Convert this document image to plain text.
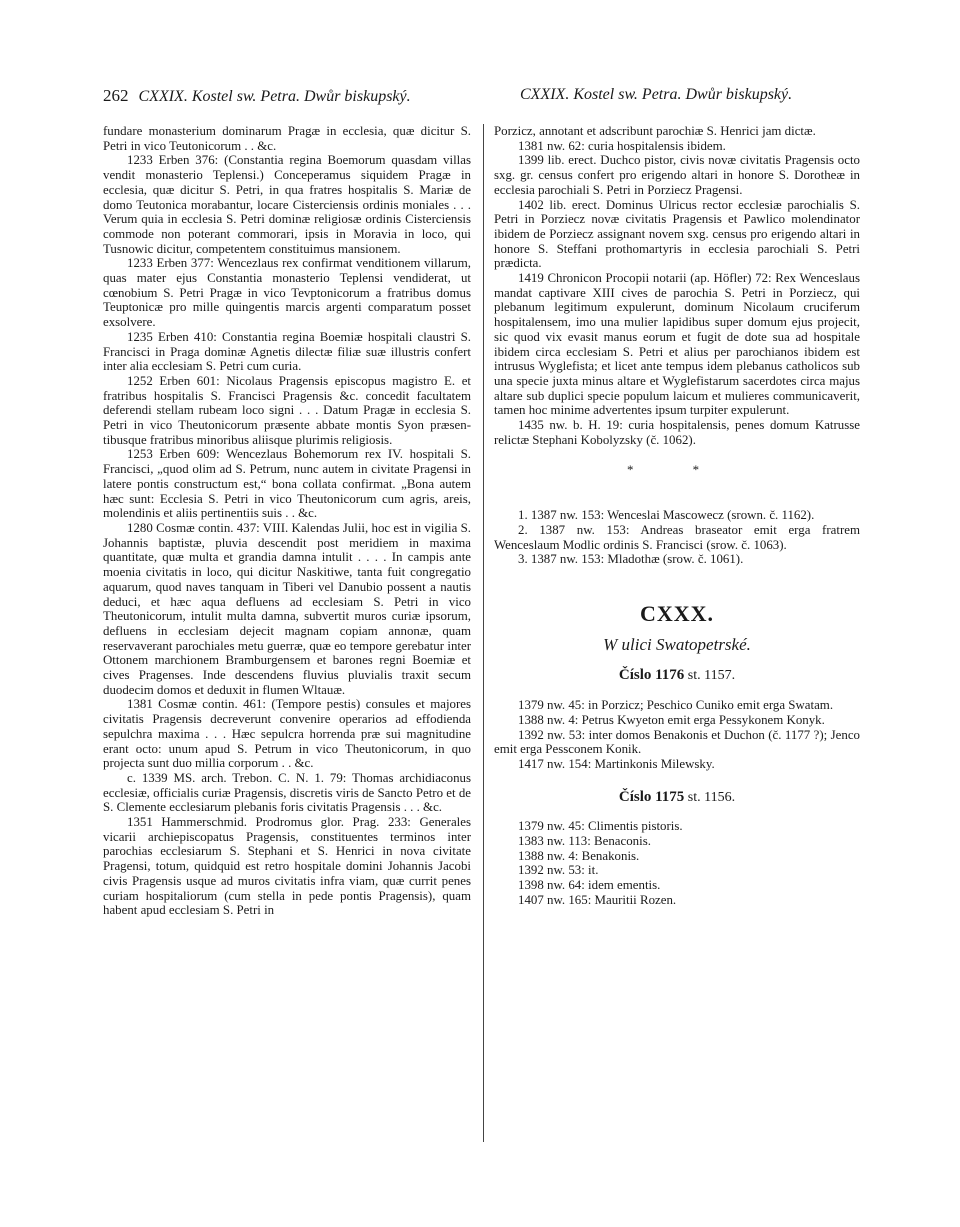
262 CXXIX. Kostel sw. Petra. Dwůr biskupský.	CXXIX. Kostel sw. Petra. Dwůr biskupský.

fundare monasterium dominarum Pragæ in ecclesia, quæ dicitur S. Petri in vico Teutonicorum . . &c.

1233 Erben 376: (Constantia regina Boemorum quasdam villas vendit monasterio Teplensi.) Conceperamus siquidem Pragæ in ecclesia, quæ dicitur S. Petri, in qua fratres hospitalis S. Mariæ de domo Teutonica morabantur, locare Cisterciensis ordinis moniales . . . Verum quia in ecclesia S. Petri dominæ religiosæ ordinis Cisterciensis commode non poterant commorari, ipsis in Moravia in loco, qui Tusnowic dicitur, competentem constituimus mansionem.

1233 Erben 377: Wencezlaus rex confirmat venditionem villarum, quas mater ejus Constantia monasterio Teplensi vendiderat, ut cœnobium S. Petri Pragæ in vico Tevptonicorum a fratribus domus Teuptonicæ pro mille quingentis marcis argenti comparatum posset exsolvere.

1235 Erben 410: Constantia regina Boemiæ hospitali claustri S. Francisci in Praga dominæ Agnetis dilectæ filiæ suæ illustris confert inter alia ecclesiam S. Petri cum curia.

1252 Erben 601: Nicolaus Pragensis episcopus magistro E. et fratribus hospitalis S. Francisci Pragensis &c. concedit facultatem deferendi stellam rubeam loco signi . . . Datum Pragæ in ecclesia S. Petri in vico Theutonicorum præsente abbate montis Syon præsentibusque fratribus minoribus aliisque plurimis religiosis.

1253 Erben 609: Wencezlaus Bohemorum rex IV. hospitali S. Francisci, „quod olim ad S. Petrum, nunc autem in civitate Pragensi in latere pontis constructum est,“ bona collata confirmat. „Bona autem hæc sunt: Ecclesia S. Petri in vico Theutonicorum cum agris, areis, molendinis et aliis pertinentiis suis . . &c.

1280 Cosmæ contin. 437: VIII. Kalendas Julii, hoc est in vigilia S. Johannis baptistæ, pluvia descendit post meridiem in maxima quantitate, quæ multa et grandia damna intulit . . . . In campis ante moenia civitatis in loco, qui dicitur Naskitiwe, tanta fuit congregatio aquarum, quod naves tanquam in Tiberi vel Danubio possent a nautis deduci, et hæc aqua defluens ad ecclesiam S. Petri in vico Theutonicorum, intulit multa damna, subvertit muros curiæ ipsorum, defluens in ecclesiam dejecit magnam copiam annonæ, quam reservaverant parochiales metu guerræ, quæ eo tempore gerebatur inter Ottonem marchionem Bramburgensem et barones regni Boemiæ et cives Pragenses. Inde descendens fluvius pluvialis traxit secum duodecim domos et deduxit in flumen Wltauæ.

1381 Cosmæ contin. 461: (Tempore pestis) consules et majores civitatis Pragensis decreverunt convenire operarios ad effodienda sepulchra maxima . . . Hæc sepulcra horrenda præ sui magnitudine erant octo: unum apud S. Petrum in vico Theutonicorum, in quo projecta sunt duo millia corporum . . &c.

c. 1339 MS. arch. Trebon. C. N. 1. 79: Thomas archidiaconus ecclesiæ, officialis curiæ Pragensis, discretis viris de Sancto Petro et de S. Clemente ecclesiarum plebanis foris civitatis Pragensis . . . &c.

1351 Hammerschmid. Prodromus glor. Prag. 233: Generales vicarii archiepiscopatus Pragensis, constituentes terminos inter parochias ecclesiarum S. Stephani et S. Henrici in nova civitate Pragensi, totum, quidquid est retro hospitale domini Johannis Jacobi civis Pragensis usque ad muros civitatis infra viam, quæ currit penes curiam hospitaliorum (cum stella in pede pontis Pragensis), quam habent apud ecclesiam S. Petri in

Porzicz, annotant et adscribunt parochiæ S. Henrici jam dictæ.

1381 nw. 62: curia hospitalensis ibidem.

1399 lib. erect. Duchco pistor, civis novæ civitatis Pragensis octo sxg. gr. census confert pro erigendo altari in honore S. Dorotheæ in ecclesia parochiali S. Petri in Porziecz Pragensi.

1402 lib. erect. Dominus Ulricus rector ecclesiæ parochialis S. Petri in Porziecz novæ civitatis Pragensis et Pawlico molendinator ibidem de Porziecz assignant novem sxg. census pro erigendo altari in honore S. Steffani prothomartyris in ecclesia parochiali S. Petri prædicta.

1419 Chronicon Procopii notarii (ap. Höfler) 72: Rex Wenceslaus mandat captivare XIII cives de parochia S. Petri in Porziecz, qui plebanum legitimum expulerunt, dominum Nicolaum cruciferum hospitalensem, imo una mulier lapidibus super domum ejus projecit, sic quod vix evasit manus eorum et fugit de dote sua ad hospitale ibidem circa ecclesiam S. Petri et alius per parochianos ibidem est intrusus Wyglefista; et licet ante tempus idem plebanus catholicos sub una specie juxta minus altare et Wyglefistarum sacerdotes circa majus altare sub duplici specie populum laicum et mulieres communicaverit, tamen hoc minime advertentes ipsum turpiter expulerunt.

1435 nw. b. H. 19: curia hospitalensis, penes domum Katrusse relictæ Stephani Kobolyzsky (č. 1062).

* *

1. 1387 nw. 153: Wenceslai Mascowecz (srown. č. 1162).

2. 1387 nw. 153: Andreas braseator emit erga fratrem Wenceslaum Modlic ordinis S. Francisci (srow. č. 1063).

3. 1387 nw. 153: Mladothæ (srow. č. 1061).

CXXX.
W ulici Swatopetrské.
Číslo 1176 st. 1157.

1379 nw. 45: in Porzicz; Peschico Cuniko emit erga Swatam.

1388 nw. 4: Petrus Kwyeton emit erga Pessykonem Konyk.

1392 nw. 53: inter domos Benakonis et Duchon (č. 1177 ?); Jenco emit erga Pessconem Konik.

1417 nw. 154: Martinkonis Milewsky.

Číslo 1175 st. 1156.

1379 nw. 45: Climentis pistoris.

1383 nw. 113: Benaconis.

1388 nw. 4: Benakonis.

1392 nw. 53: it.

1398 nw. 64: idem ementis.

1407 nw. 165: Mauritii Rozen.
